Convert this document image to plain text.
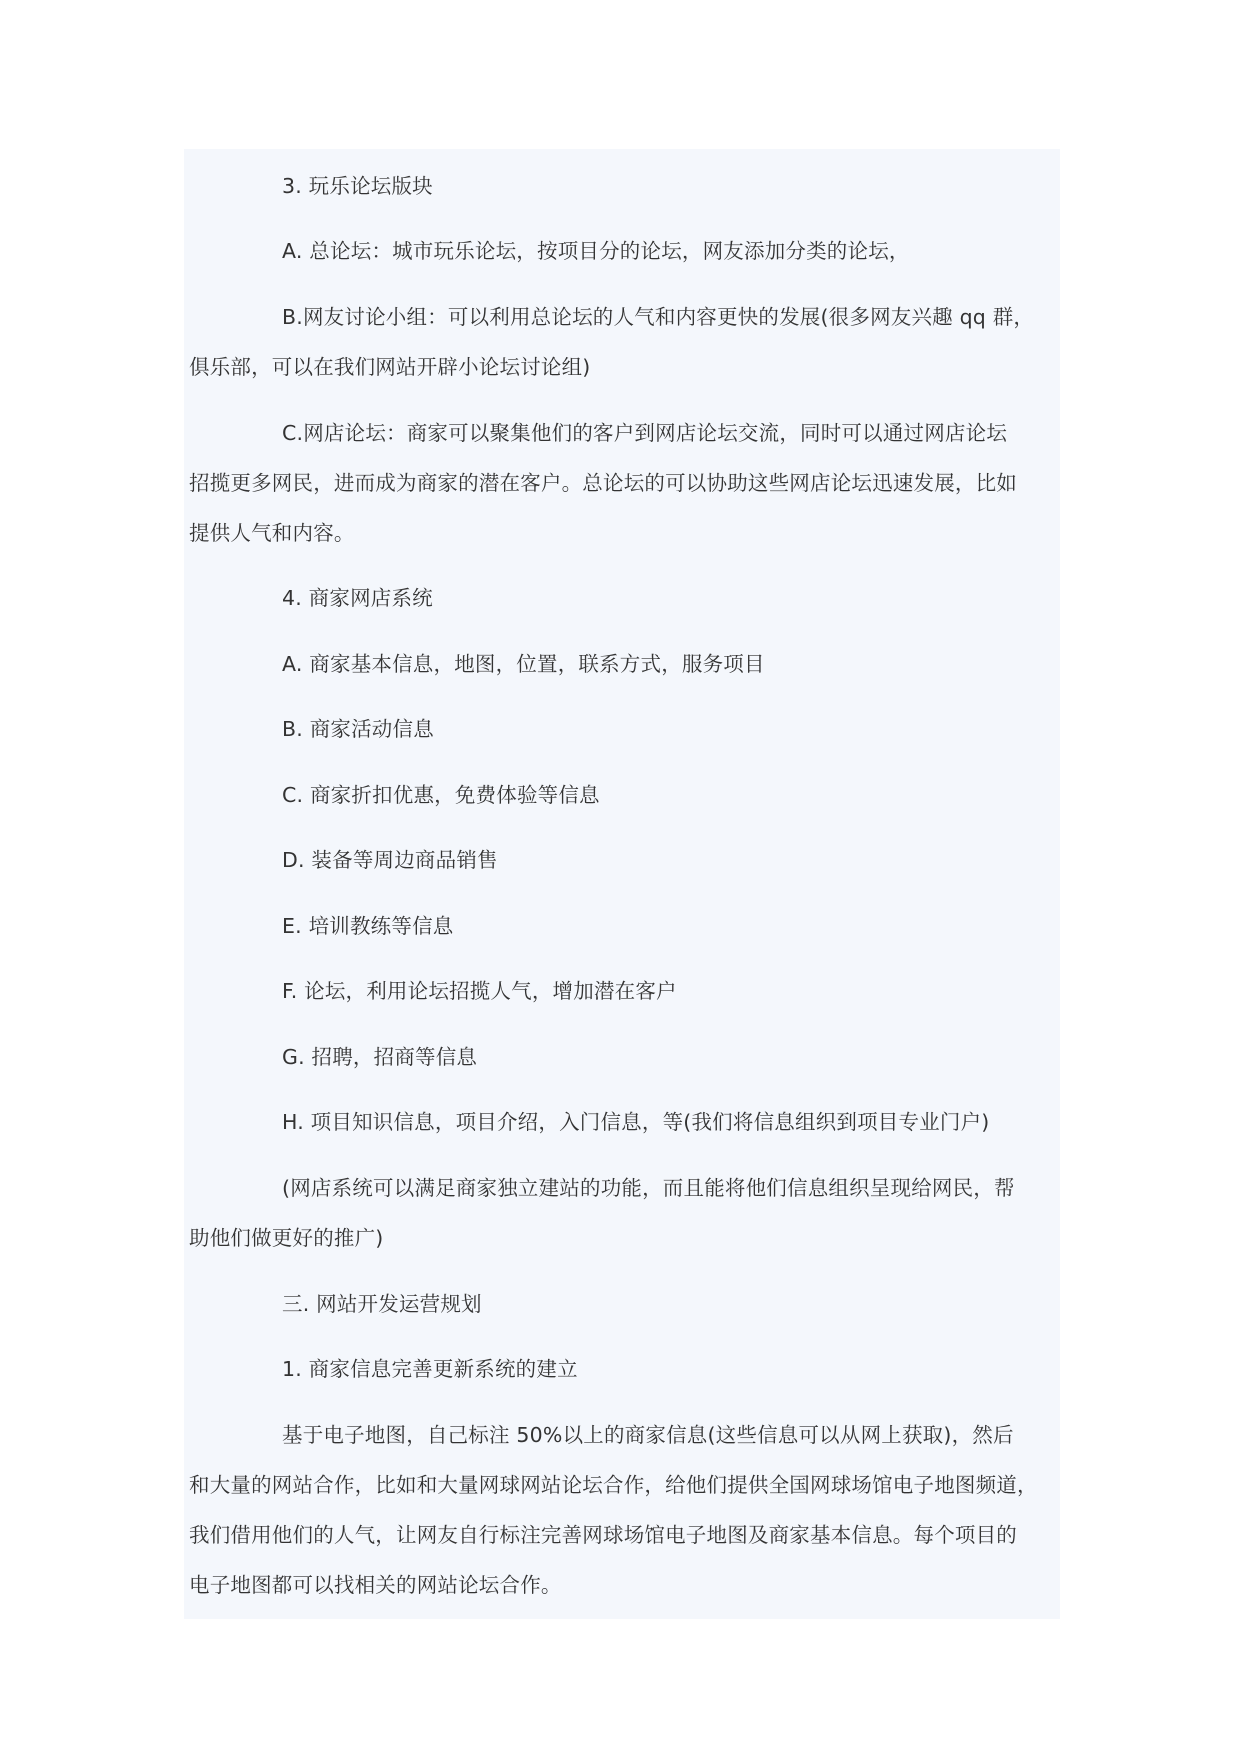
3. 玩乐论坛版块
A. 总论坛：城市玩乐论坛，按项目分的论坛，网友添加分类的论坛，
B.网友讨论小组：可以利用总论坛的人气和内容更快的发展(很多网友兴趣 qq 群，
俱乐部，可以在我们网站开辟小论坛讨论组)
C.网店论坛：商家可以聚集他们的客户到网店论坛交流，同时可以通过网店论坛
招揽更多网民，进而成为商家的潜在客户。总论坛的可以协助这些网店论坛迅速发展，比如
提供人气和内容。
4. 商家网店系统
A. 商家基本信息，地图，位置，联系方式，服务项目
B. 商家活动信息
C. 商家折扣优惠，免费体验等信息
D. 装备等周边商品销售
E. 培训教练等信息
F. 论坛，利用论坛招揽人气，增加潜在客户
G. 招聘，招商等信息
H. 项目知识信息，项目介绍，入门信息，等(我们将信息组织到项目专业门户)
(网店系统可以满足商家独立建站的功能，而且能将他们信息组织呈现给网民，帮
助他们做更好的推广)
三. 网站开发运营规划
1. 商家信息完善更新系统的建立
基于电子地图，自己标注 50%以上的商家信息(这些信息可以从网上获取)，然后
和大量的网站合作，比如和大量网球网站论坛合作，给他们提供全国网球场馆电子地图频道，
我们借用他们的人气，让网友自行标注完善网球场馆电子地图及商家基本信息。每个项目的
电子地图都可以找相关的网站论坛合作。
